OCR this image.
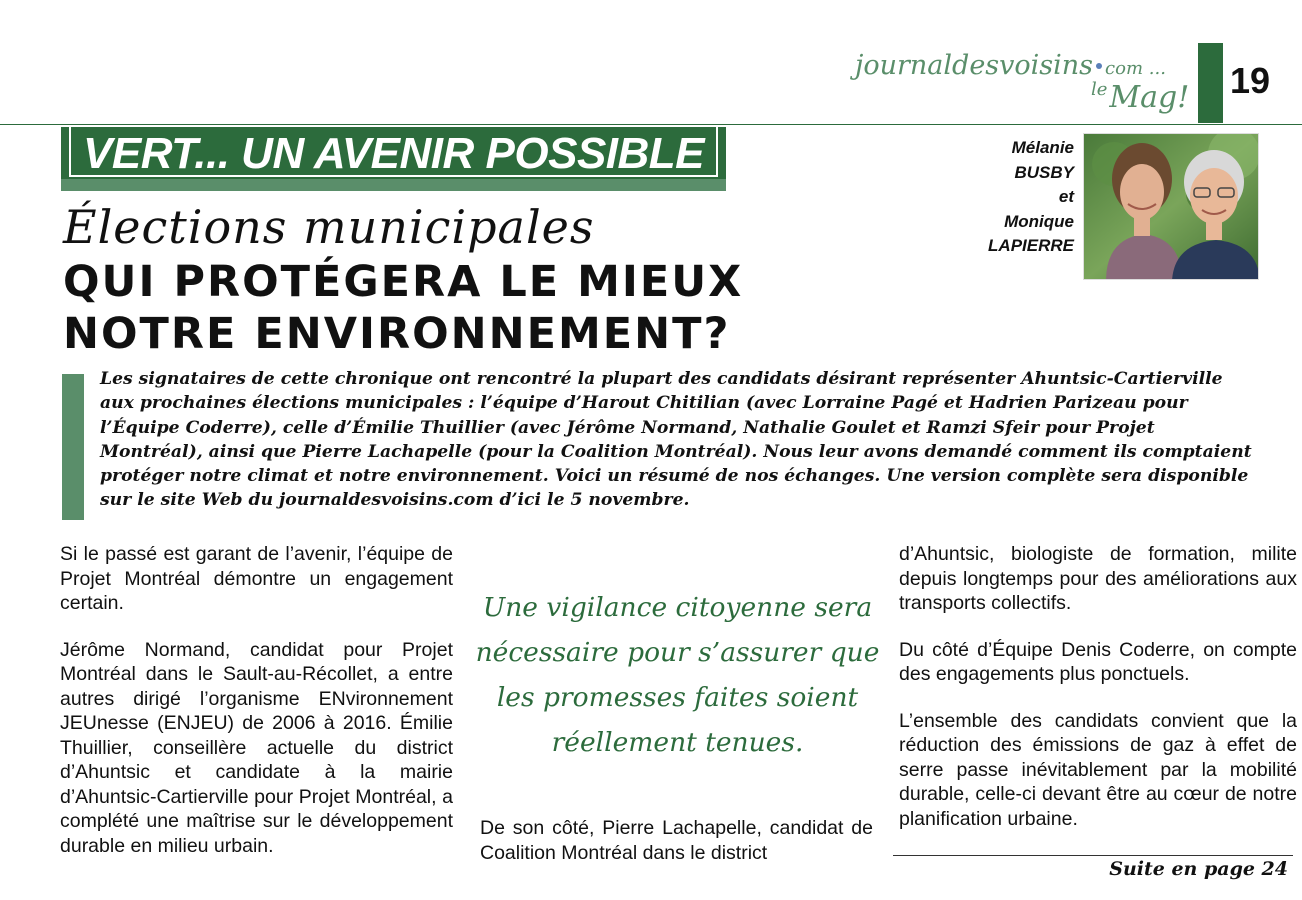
journaldesvoisins com ...
$^{le}$Mag! 19
VERT... UN AVENIR POSSIBLE
Élections municipales
QUI PROTÉGERA LE MIEUX
NOTRE ENVIRONNEMENT?
Mélanie
BUSBY
et
Monique
LAPIERRE
Les signataires de cette chronique ont rencontré la plupart des candidats désirant représenter Ahuntsic-Cartierville aux prochaines élections municipales : l’équipe d’Harout Chitilian (avec Lorraine Pagé et Hadrien Parizeau pour l’Équipe Coderre), celle d’Émilie Thuillier (avec Jérôme Normand, Nathalie Goulet et Ramzi Sfeir pour Projet Montréal), ainsi que Pierre Lachapelle (pour la Coalition Montréal). Nous leur avons demandé comment ils comptaient protéger notre climat et notre environnement. Voici un résumé de nos échanges. Une version complète sera disponible sur le site Web du journaldesvoisins.com d’ici le 5 novembre.

Si le passé est garant de l’avenir, l’équipe de Projet Montréal démontre un engagement certain.

Jérôme Normand, candidat pour Projet Montréal dans le Sault-au-Récollet, a entre autres dirigé l’organisme ENvironnement JEUnesse (ENJEU) de 2006 à 2016. Émilie Thuillier, conseillère actuelle du district d’Ahuntsic et candidate à la mairie d’Ahuntsic-Cartierville pour Projet Montréal, a complété une maîtrise sur le développement durable en milieu urbain.

Une vigilance citoyenne sera nécessaire pour s’assurer que les promesses faites soient réellement tenues.
De son côté, Pierre Lachapelle, candidat de Coalition Montréal dans le district

d’Ahuntsic, biologiste de formation, milite depuis longtemps pour des améliorations aux transports collectifs.

Du côté d’Équipe Denis Coderre, on compte des engagements plus ponctuels.

L’ensemble des candidats convient que la réduction des émissions de gaz à effet de serre passe inévitablement par la mobilité durable, celle-ci devant être au cœur de notre planification urbaine.

Suite en page 24
